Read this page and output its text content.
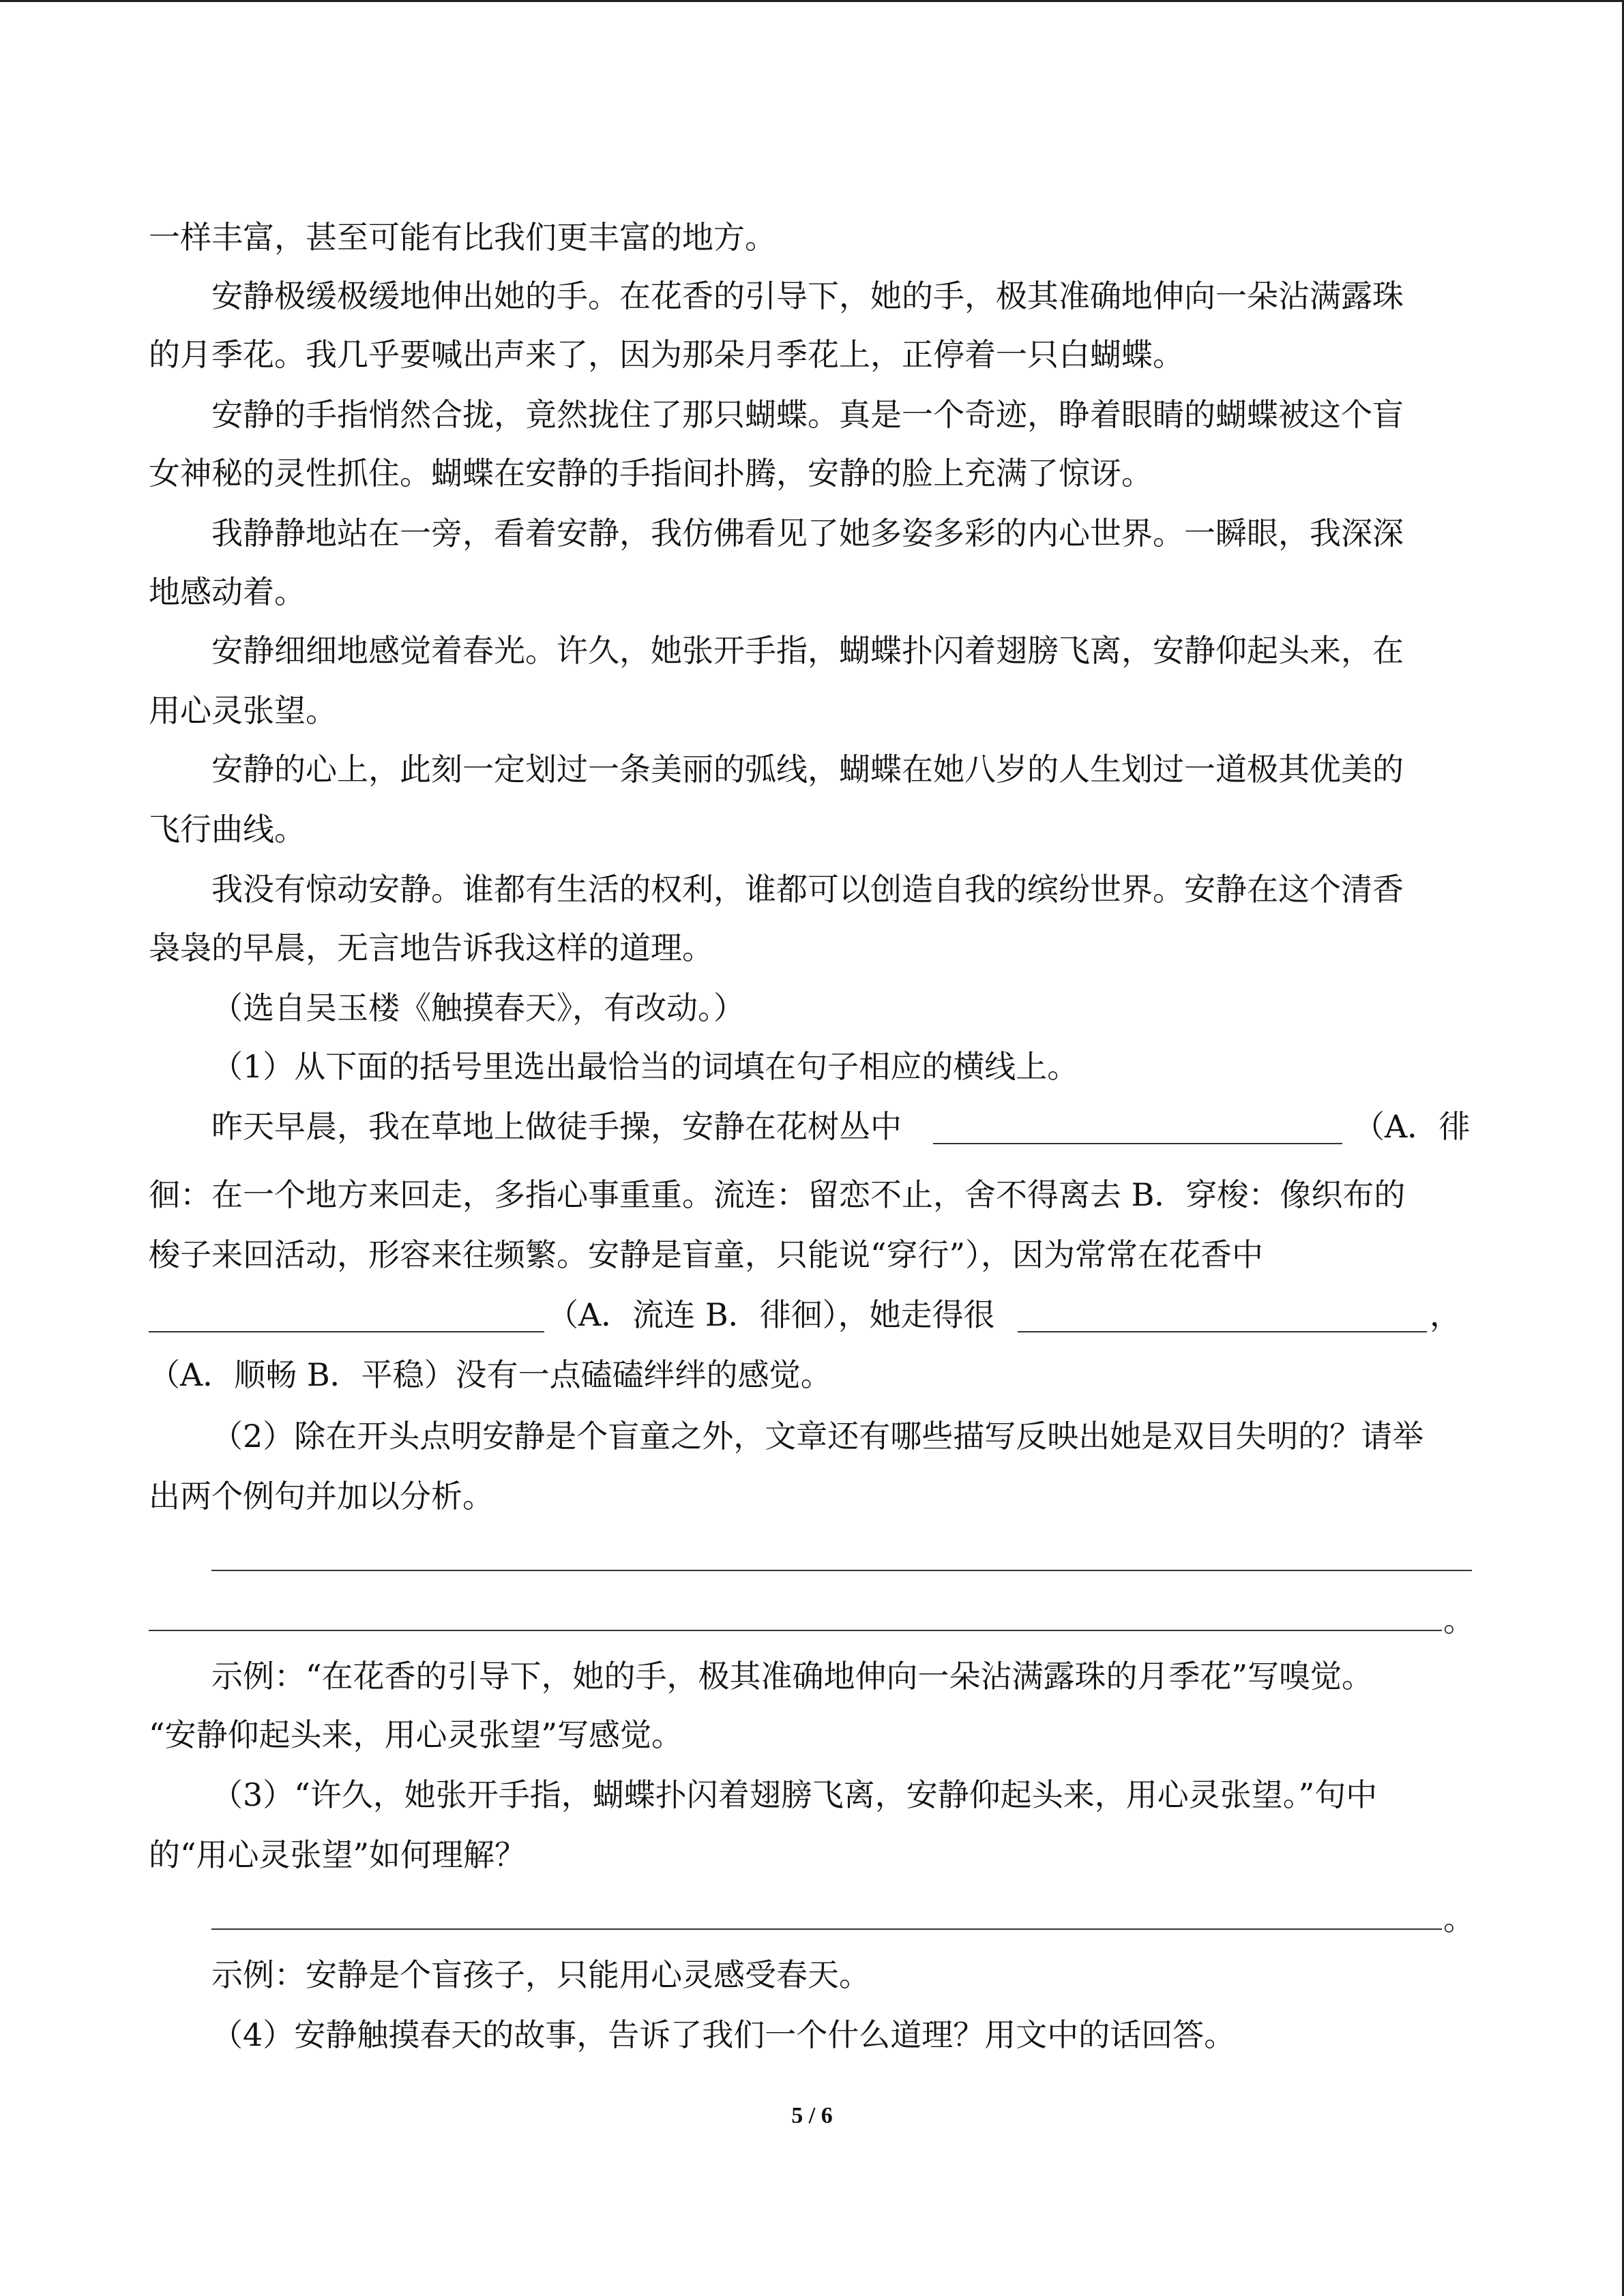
一样丰富，甚至可能有比我们更丰富的地方。
安静极缓极缓地伸出她的手。在花香的引导下，她的手，极其准确地伸向一朵沾满露珠
的月季花。我几乎要喊出声来了，因为那朵月季花上，正停着一只白蝴蝶。
安静的手指悄然合拢，竟然拢住了那只蝴蝶。真是一个奇迹，睁着眼睛的蝴蝶被这个盲
女神秘的灵性抓住。蝴蝶在安静的手指间扑腾，安静的脸上充满了惊讶。
我静静地站在一旁，看着安静，我仿佛看见了她多姿多彩的内心世界。一瞬眼，我深深
地感动着。
安静细细地感觉着春光。许久，她张开手指，蝴蝶扑闪着翅膀飞离，安静仰起头来，在
用心灵张望。
安静的心上，此刻一定划过一条美丽的弧线，蝴蝶在她八岁的人生划过一道极其优美的
飞行曲线。
我没有惊动安静。谁都有生活的权利，谁都可以创造自我的缤纷世界。安静在这个清香
袅袅的早晨，无言地告诉我这样的道理。
（选自吴玉楼《触摸春天》，有改动。）
（1）从下面的括号里选出最恰当的词填在句子相应的横线上。
昨天早晨，我在草地上做徒手操，安静在花树丛中	（A．徘
徊：在一个地方来回走，多指心事重重。流连：留恋不止，舍不得离去 B．穿梭：像织布的
梭子来回活动，形容来往频繁。安静是盲童，只能说“穿行”），因为常常在花香中
（A．流连 B．徘徊），她走得很	，
（A．顺畅 B．平稳）没有一点磕磕绊绊的感觉。
（2）除在开头点明安静是个盲童之外，文章还有哪些描写反映出她是双目失明的？请举
出两个例句并加以分析。
。
示例：“在花香的引导下，她的手，极其准确地伸向一朵沾满露珠的月季花”写嗅觉。
“安静仰起头来，用心灵张望”写感觉。
（3）“许久，她张开手指，蝴蝶扑闪着翅膀飞离，安静仰起头来，用心灵张望。”句中
的“用心灵张望”如何理解？
。
示例：安静是个盲孩子，只能用心灵感受春天。
（4）安静触摸春天的故事，告诉了我们一个什么道理？用文中的话回答。
5 / 6
